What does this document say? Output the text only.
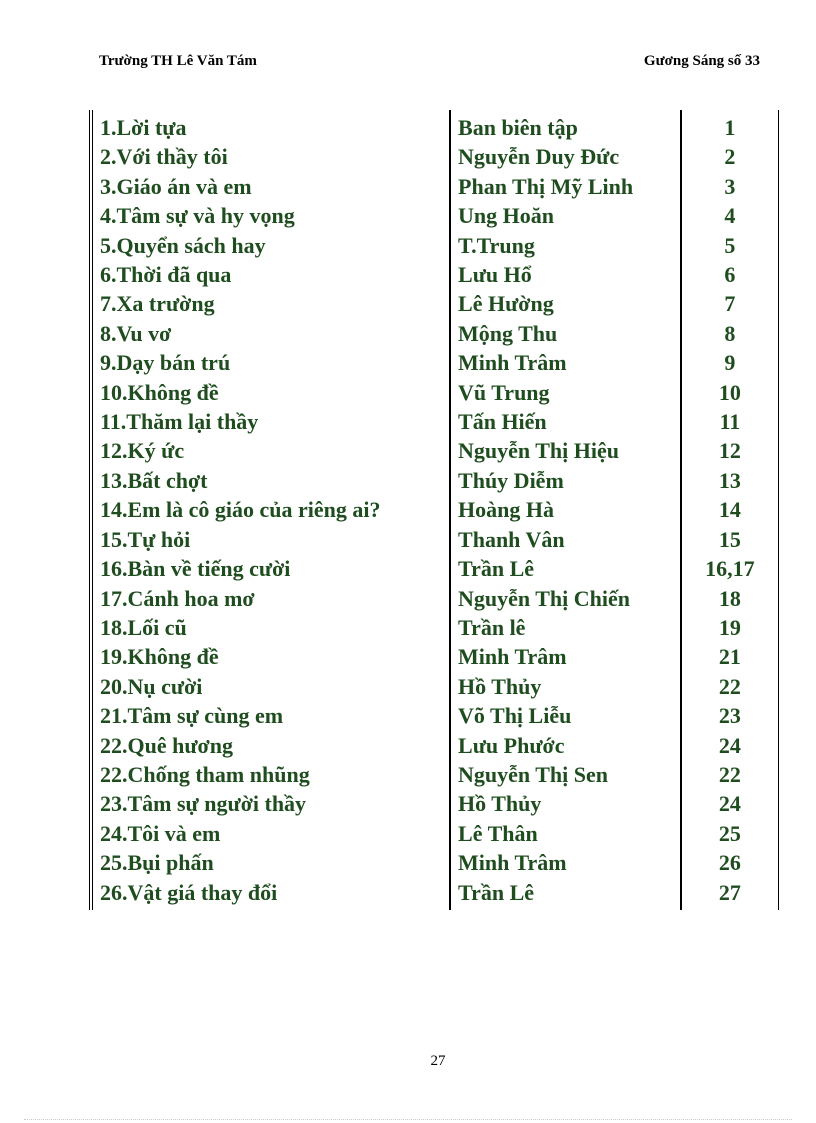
Trường TH Lê Văn Tám	Gương Sáng số 33
1.Lời tựa	Ban biên tập	1
2.Với thầy tôi	Nguyễn Duy Đức	2
3.Giáo án và em	Phan Thị Mỹ Linh	3
4.Tâm sự và hy vọng	Ung Hoăn	4
5.Quyển sách hay	T.Trung	5
6.Thời đã qua	Lưu Hổ	6
7.Xa trường	Lê Hường	7
8.Vu vơ	Mộng Thu	8
9.Dạy bán trú	Minh Trâm	9
10.Không đề	Vũ Trung	10
11.Thăm lại thầy	Tấn Hiến	11
12.Ký ức	Nguyễn Thị Hiệu	12
13.Bất chợt	Thúy Diễm	13
14.Em là cô giáo của riêng ai?	Hoàng Hà	14
15.Tự hỏi	Thanh Vân	15
16.Bàn về tiếng cười	Trần Lê	16,17
17.Cánh hoa mơ	Nguyễn Thị Chiến	18
18.Lối cũ	Trần lê	19
19.Không đề	Minh Trâm	21
20.Nụ cười	Hồ Thủy	22
21.Tâm sự cùng em	Võ Thị Liễu	23
22.Quê hương	Lưu Phước	24
22.Chống tham nhũng	Nguyễn Thị Sen	22
23.Tâm sự người thầy	Hồ Thủy	24
24.Tôi và em	Lê Thân	25
25.Bụi phấn	Minh Trâm	26
26.Vật giá thay đổi	Trần Lê	27
27
